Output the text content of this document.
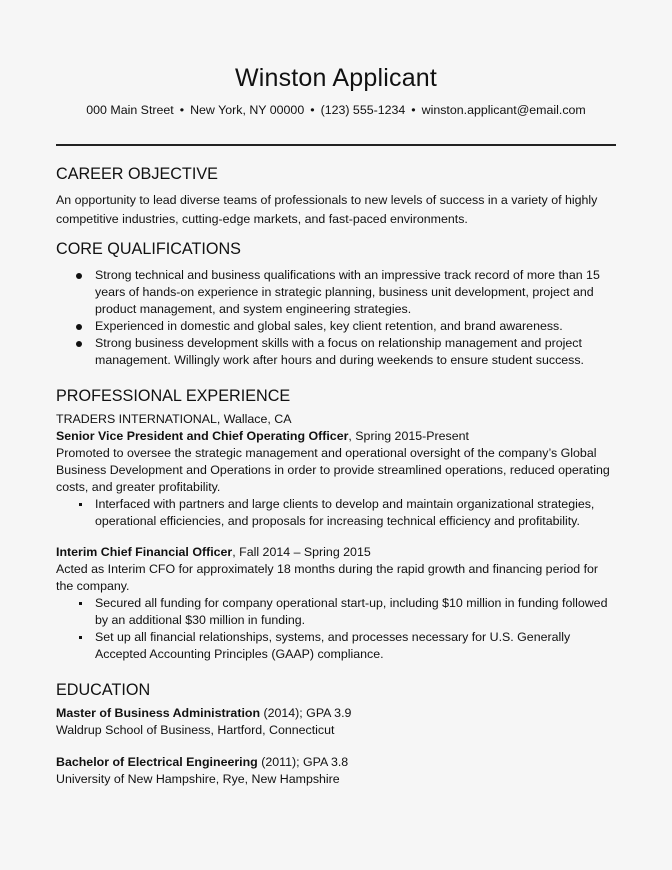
Winston Applicant
000 Main Street • New York, NY 00000 • (123) 555-1234 • winston.applicant@email.com
CAREER OBJECTIVE

An opportunity to lead diverse teams of professionals to new levels of success in a variety of highly competitive industries, cutting-edge markets, and fast-paced environments.

CORE QUALIFICATIONS
Strong technical and business qualifications with an impressive track record of more than 15 years of hands-on experience in strategic planning, business unit development, project and product management, and system engineering strategies.
Experienced in domestic and global sales, key client retention, and brand awareness.
Strong business development skills with a focus on relationship management and project management. Willingly work after hours and during weekends to ensure student success.
PROFESSIONAL EXPERIENCE

TRADERS INTERNATIONAL, Wallace, CA

Senior Vice President and Chief Operating Officer, Spring 2015-Present

Promoted to oversee the strategic management and operational oversight of the company’s Global Business Development and Operations in order to provide streamlined operations, reduced operating costs, and greater profitability.

Interfaced with partners and large clients to develop and maintain organizational strategies, operational efficiencies, and proposals for increasing technical efficiency and profitability.

Interim Chief Financial Officer, Fall 2014 – Spring 2015

Acted as Interim CFO for approximately 18 months during the rapid growth and financing period for the company.

Secured all funding for company operational start-up, including $10 million in funding followed by an additional $30 million in funding.
Set up all financial relationships, systems, and processes necessary for U.S. Generally Accepted Accounting Principles (GAAP) compliance.
EDUCATION

Master of Business Administration (2014); GPA 3.9

Waldrup School of Business, Hartford, Connecticut

Bachelor of Electrical Engineering (2011); GPA 3.8

University of New Hampshire, Rye, New Hampshire
